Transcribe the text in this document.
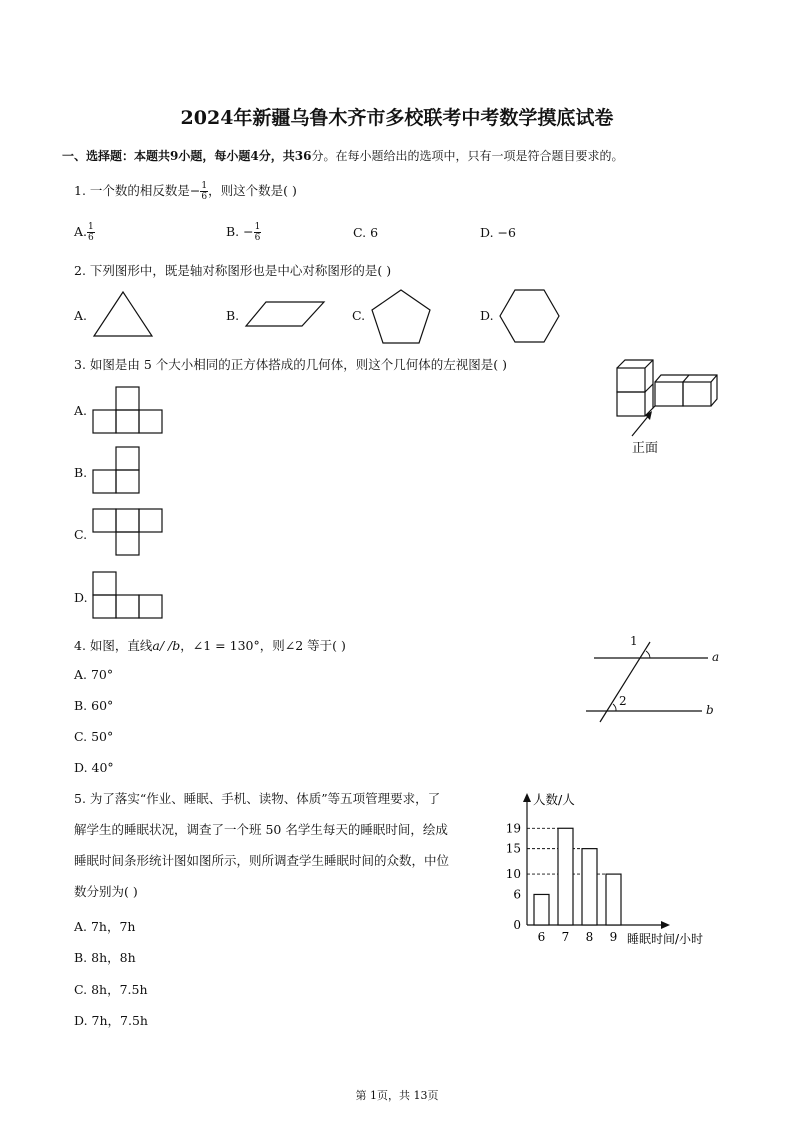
2024年新疆乌鲁木齐市多校联考中考数学摸底试卷
一、选择题：本题共9小题，每小题4分，共36分。在每小题给出的选项中，只有一项是符合题目要求的。
1. 一个数的相反数是− $\frac{1}{6}$ ，则这个数是( )
A. $\frac{1}{6}$	B. − $\frac{1}{6}$	C. 6	D. −6
2. 下列图形中，既是轴对称图形也是中心对称图形的是( )
A.	B.	C.	D.
3. 如图是由 5 个大小相同的正方体搭成的几何体，则这个几何体的左视图是( )
正面
A.
B.
C.
D.
4. 如图，直线a/ /b，∠1 = 130°，则∠2 等于( )
A. 70°
B. 60°
C. 50°
D. 40°
1
2
a
b
5. 为了落实“作业、睡眠、手机、读物、体质”等五项管理要求，了
解学生的睡眠状况，调查了一个班 50 名学生每天的睡眠时间，绘成
睡眠时间条形统计图如图所示，则所调查学生睡眠时间的众数，中位
数分别为( )
A. 7h，7h
B. 8h，8h
C. 8h，7.5h
D. 7h，7.5h
0
6
10
15
19
6 7 8 9
人数/人
睡眠时间/小时
第 1页，共 13页
